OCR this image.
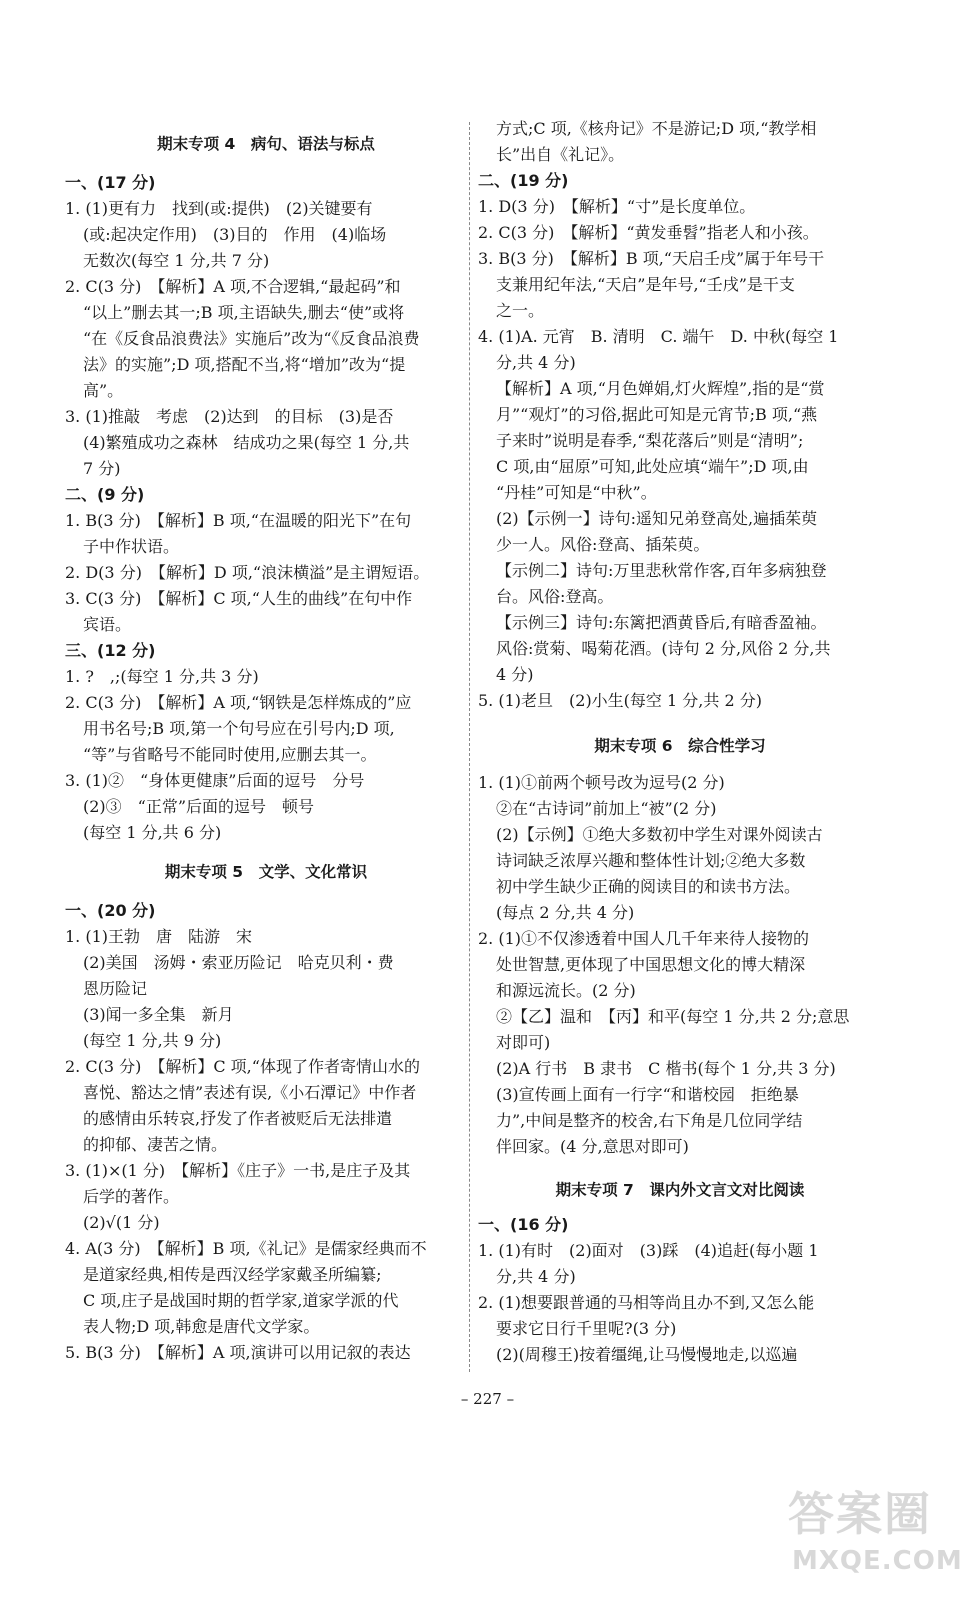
期末专项 4　病句、语法与标点
一、(17 分)
1. (1)更有力　找到(或:提供)　(2)关键要有
(或:起决定作用)　(3)目的　作用　(4)临场
无数次(每空 1 分,共 7 分)
2. C(3 分)　【解析】A 项,不合逻辑,“最起码”和
“以上”删去其一;B 项,主语缺失,删去“使”或将
“在《反食品浪费法》实施后”改为“《反食品浪费
法》的实施”;D 项,搭配不当,将“增加”改为“提
高”。
3. (1)推敲　考虑　(2)达到　的目标　(3)是否
(4)繁殖成功之森林　结成功之果(每空 1 分,共
7 分)
二、(9 分)
1. B(3 分)　【解析】B 项,“在温暖的阳光下”在句
子中作状语。
2. D(3 分)　【解析】D 项,“浪沫横溢”是主谓短语。
3. C(3 分)　【解析】C 项,“人生的曲线”在句中作
宾语。
三、(12 分)
1. ?　,;(每空 1 分,共 3 分)
2. C(3 分)　【解析】A 项,“钢铁是怎样炼成的”应
用书名号;B 项,第一个句号应在引号内;D 项,
“等”与省略号不能同时使用,应删去其一。
3. (1)②　“身体更健康”后面的逗号　分号
(2)③　“正常”后面的逗号　顿号
(每空 1 分,共 6 分)
期末专项 5　文学、文化常识
一、(20 分)
1. (1)王勃　唐　陆游　宋
(2)美国　汤姆・索亚历险记　哈克贝利・费
恩历险记
(3)闻一多全集　新月
(每空 1 分,共 9 分)
2. C(3 分)　【解析】C 项,“体现了作者寄情山水的
喜悦、豁达之情”表述有误,《小石潭记》中作者
的感情由乐转哀,抒发了作者被贬后无法排遣
的抑郁、凄苦之情。
3. (1)×(1 分)　【解析】《庄子》一书,是庄子及其
后学的著作。
(2)√(1 分)
4. A(3 分)　【解析】B 项,《礼记》是儒家经典而不
是道家经典,相传是西汉经学家戴圣所编纂;
C 项,庄子是战国时期的哲学家,道家学派的代
表人物;D 项,韩愈是唐代文学家。
5. B(3 分)　【解析】A 项,演讲可以用记叙的表达
方式;C 项,《核舟记》不是游记;D 项,“教学相
长”出自《礼记》。
二、(19 分)
1. D(3 分)　【解析】“寸”是长度单位。
2. C(3 分)　【解析】“黄发垂髫”指老人和小孩。
3. B(3 分)　【解析】B 项,“天启壬戌”属于年号干
支兼用纪年法,“天启”是年号,“壬戌”是干支
之一。
4. (1)A. 元宵　B. 清明　C. 端午　D. 中秋(每空 1
分,共 4 分)
【解析】A 项,“月色婵娟,灯火辉煌”,指的是“赏
月”“观灯”的习俗,据此可知是元宵节;B 项,“燕
子来时”说明是春季,“梨花落后”则是“清明”;
C 项,由“屈原”可知,此处应填“端午”;D 项,由
“丹桂”可知是“中秋”。
(2)【示例一】诗句:遥知兄弟登高处,遍插茱萸
少一人。风俗:登高、插茱萸。
【示例二】诗句:万里悲秋常作客,百年多病独登
台。风俗:登高。
【示例三】诗句:东篱把酒黄昏后,有暗香盈袖。
风俗:赏菊、喝菊花酒。(诗句 2 分,风俗 2 分,共
4 分)
5. (1)老旦　(2)小生(每空 1 分,共 2 分)
期末专项 6　综合性学习
1. (1)①前两个顿号改为逗号(2 分)
②在“古诗词”前加上“被”(2 分)
(2)【示例】①绝大多数初中学生对课外阅读古
诗词缺乏浓厚兴趣和整体性计划;②绝大多数
初中学生缺少正确的阅读目的和读书方法。
(每点 2 分,共 4 分)
2. (1)①不仅渗透着中国人几千年来待人接物的
处世智慧,更体现了中国思想文化的博大精深
和源远流长。(2 分)
②【乙】温和　【丙】和平(每空 1 分,共 2 分;意思
对即可)
(2)A 行书　B 隶书　C 楷书(每个 1 分,共 3 分)
(3)宣传画上面有一行字“和谐校园　拒绝暴
力”,中间是整齐的校舍,右下角是几位同学结
伴回家。(4 分,意思对即可)
期末专项 7　课内外文言文对比阅读
一、(16 分)
1. (1)有时　(2)面对　(3)踩　(4)追赶(每小题 1
分,共 4 分)
2. (1)想要跟普通的马相等尚且办不到,又怎么能
要求它日行千里呢?(3 分)
(2)(周穆王)按着缰绳,让马慢慢地走,以巡遍
– 227 –
答案圈
MXQE.COM
